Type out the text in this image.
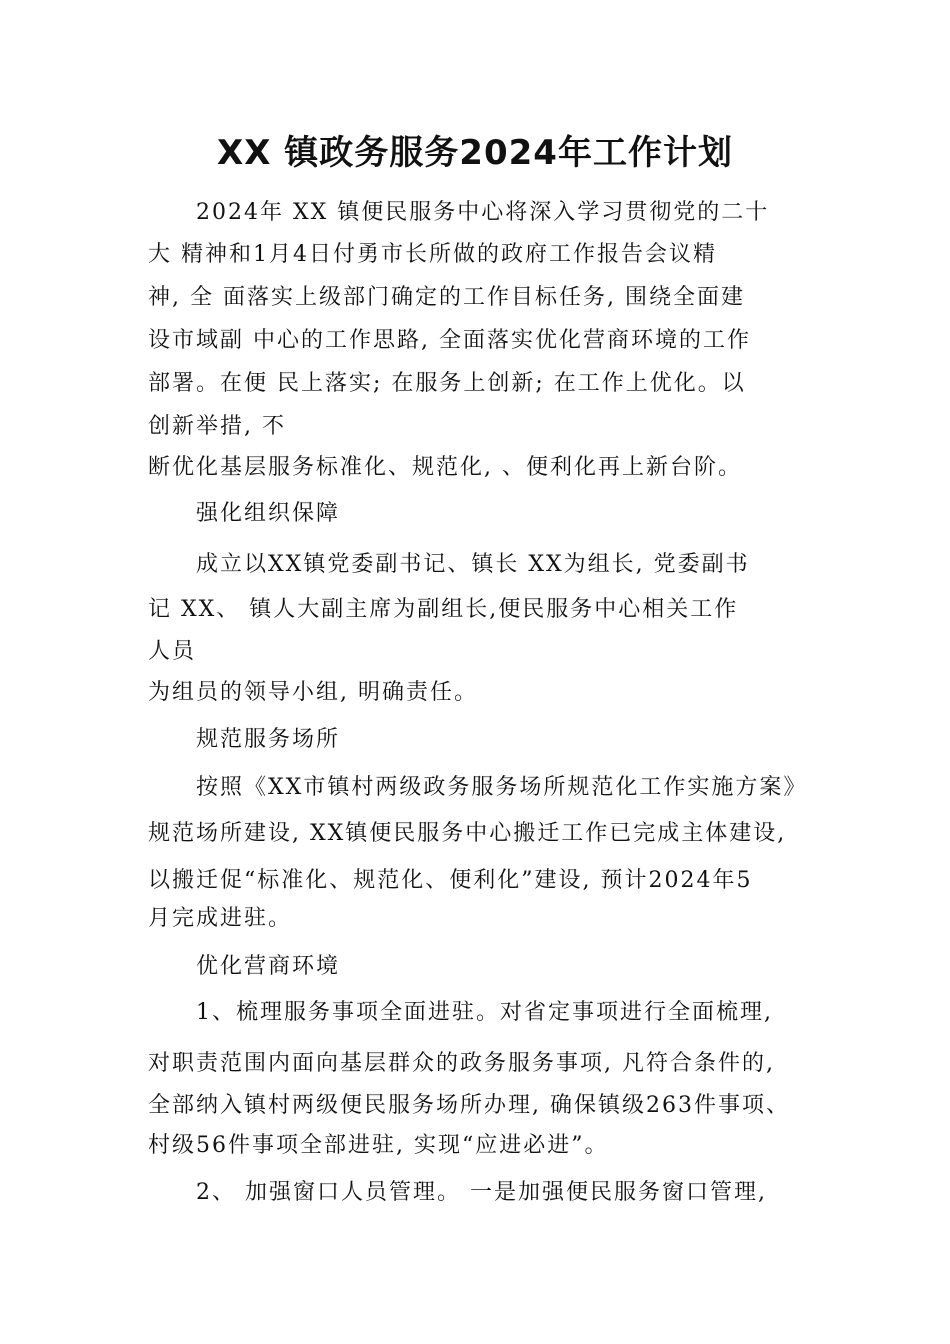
XX 镇政务服务2024年工作计划

2024年 XX 镇便民服务中心将深入学习贯彻党的二十

大 精神和1月4日付勇市长所做的政府工作报告会议精

神, 全 面落实上级部门确定的工作目标任务, 围绕全面建

设市域副 中心的工作思路, 全面落实优化营商环境的工作

部署。在便 民上落实; 在服务上创新; 在工作上优化。以

创新举措, 不

断优化基层服务标准化、规范化, 、便利化再上新台阶。

强化组织保障

成立以XX镇党委副书记、镇长 XX为组长, 党委副书

记 XX、 镇人大副主席为副组长,便民服务中心相关工作

人员

为组员的领导小组, 明确责任。

规范服务场所

按照《XX市镇村两级政务服务场所规范化工作实施方案》

规范场所建设, XX镇便民服务中心搬迁工作已完成主体建设,

以搬迁促“标准化、规范化、便利化”建设, 预计2024年5

月完成进驻。

优化营商环境

1、梳理服务事项全面进驻。对省定事项进行全面梳理,

对职责范围内面向基层群众的政务服务事项, 凡符合条件的,

全部纳入镇村两级便民服务场所办理, 确保镇级263件事项、

村级56件事项全部进驻, 实现“应进必进”。

2、 加强窗口人员管理。 一是加强便民服务窗口管理,
